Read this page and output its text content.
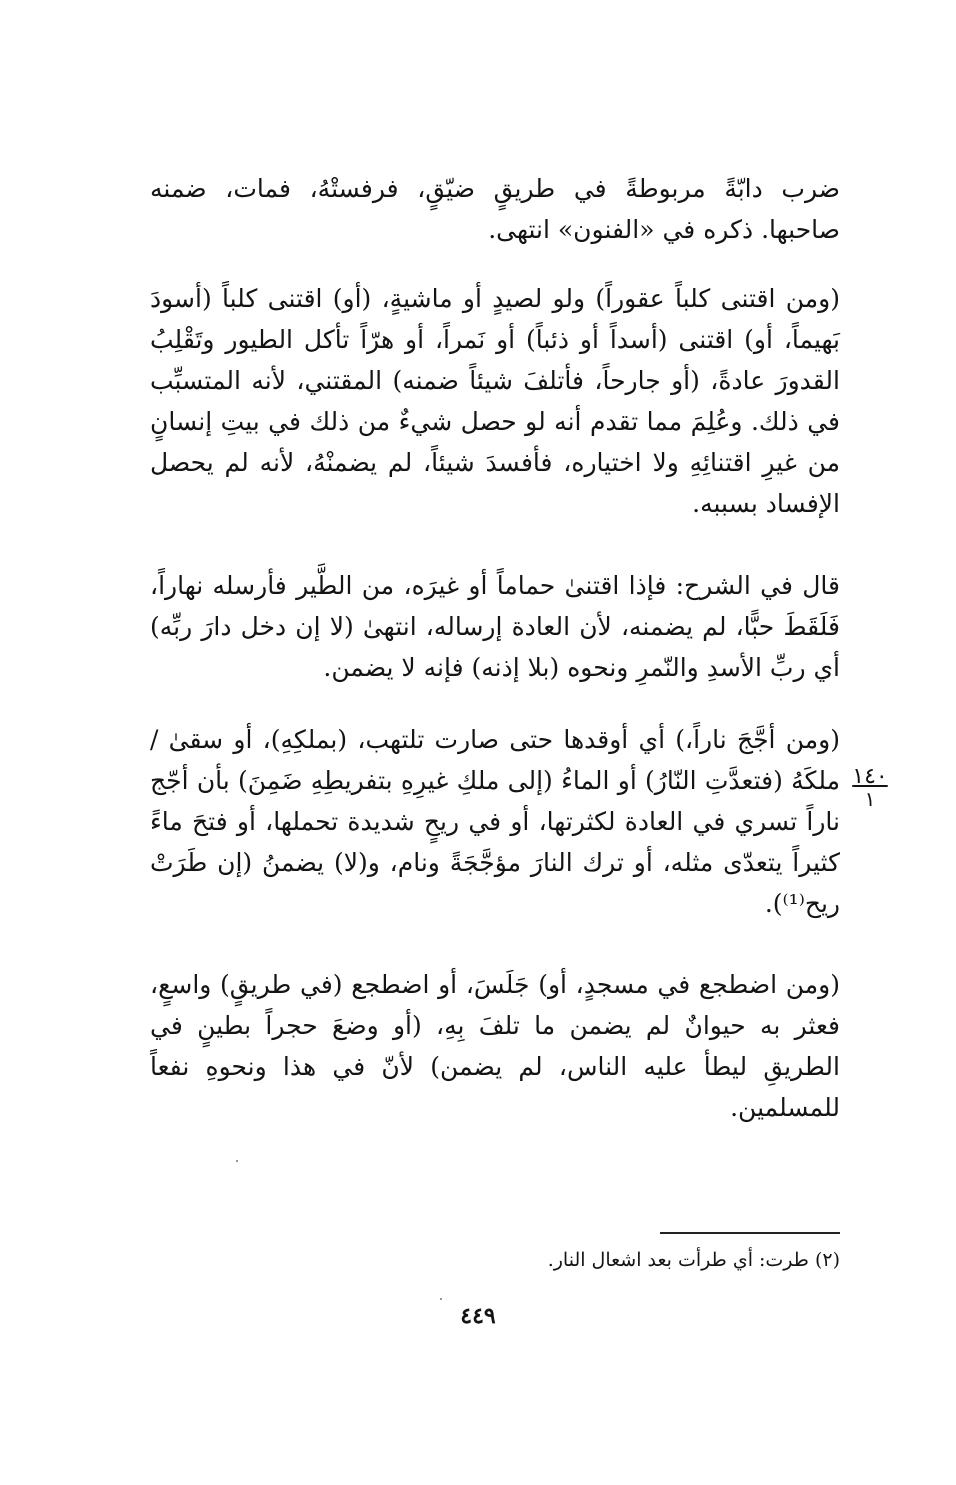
ضرب دابّةً مربوطةً في طريقٍ ضيّقٍ، فرفستْهُ، فمات، ضمنه صاحبها. ذكره في «الفنون» انتهى.

(ومن اقتنى كلباً عقوراً) ولو لصيدٍ أو ماشيةٍ، (أو) اقتنى كلباً (أسودَ بَهيماً، أو) اقتنى (أسداً أو ذئباً) أو نَمراً، أو هرّاً تأكل الطيور وتَقْلِبُ القدورَ عادةً، (أو جارحاً، فأتلفَ شيئاً ضمنه) المقتني، لأنه المتسبِّب في ذلك. وعُلِمَ مما تقدم أنه لو حصل شيءٌ من ذلك في بيتِ إنسانٍ من غيرِ اقتنائِهِ ولا اختياره، فأفسدَ شيئاً، لم يضمنْهُ، لأنه لم يحصل الإفساد بسببه.

قال في الشرح: فإذا اقتنىٰ حماماً أو غيرَه، من الطَّير فأرسله نهاراً، فَلَقَطَ حبًّا، لم يضمنه، لأن العادة إرساله، انتهىٰ (لا إن دخل دارَ ربِّه) أي ربِّ الأسدِ والنّمرِ ونحوه (بلا إذنه) فإنه لا يضمن.

(ومن أجَّجَ ناراً،) أي أوقدها حتى صارت تلتهب، (بملكِهِ)، أو سقىٰ / ملكَهُ (فتعدَّتِ النّارُ) أو الماءُ (إلى ملكِ غيرِهِ بتفريطِهِ ضَمِنَ) بأن أجّج ناراً تسري في العادة لكثرتها، أو في ريحٍ شديدة تحملها، أو فتحَ ماءً كثيراً يتعدّى مثله، أو ترك النارَ مؤجَّجَةً ونام، و(لا) يضمنُ (إن طَرَتْ ريح⁽¹⁾).

(ومن اضطجع في مسجدٍ، أو) جَلَسَ، أو اضطجع (في طريقٍ) واسعٍ، فعثر به حيوانٌ لم يضمن ما تلفَ بِهِ، (أو وضعَ حجراً بطينٍ في الطريقِ ليطأ عليه الناس، لم يضمن) لأنّ في هذا ونحوهِ نفعاً للمسلمين.

١٤٠
١
(٢) طرت: أي طرأت بعد اشعال النار.
٤٤٩
